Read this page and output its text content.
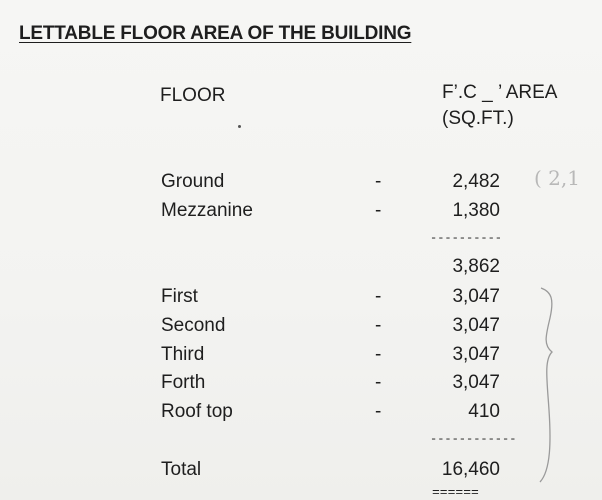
LETTABLE FLOOR AREA OF THE BUILDING
FLOOR	F’.C _ ’ AREA
(SQ.FT.)
Ground	-	2,482
Mezzanine	-	1,380
----------
3,862
First	-	3,047
Second	-	3,047
Third	-	3,047
Forth	-	3,047
Roof top	-	410
------------
Total	16,460
======
( 2,1
